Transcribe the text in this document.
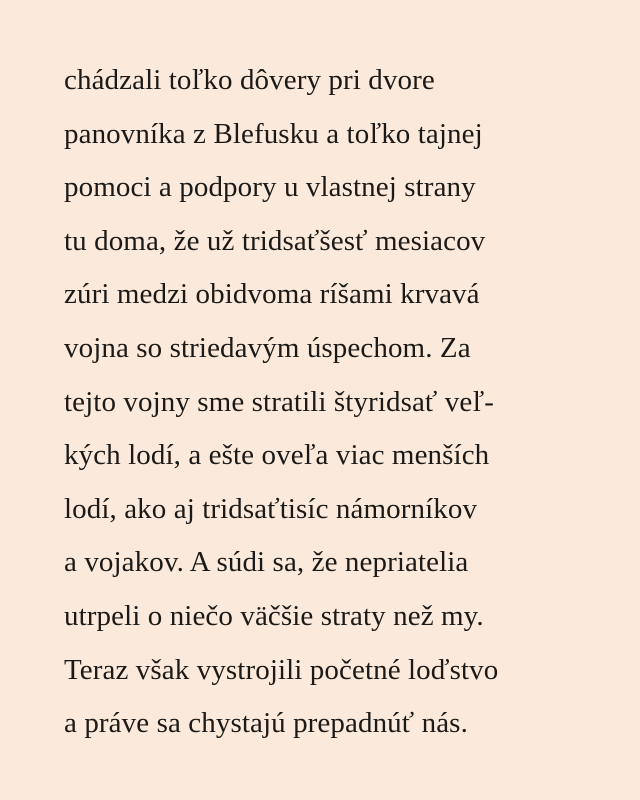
chádzali toľko dôvery pri dvore
panovníka z Blefusku a toľko tajnej
pomoci a podpory u vlastnej strany
tu doma, že už tridsaťšesť mesiacov
zúri medzi obidvoma ríšami krvavá
vojna so striedavým úspechom. Za
tejto vojny sme stratili štyridsať veľ-
kých lodí, a ešte oveľa viac menších
lodí, ako aj tridsaťtisíc námorníkov
a vojakov. A súdi sa, že nepriatelia
utrpeli o niečo väčšie straty než my.
Teraz však vystrojili početné loďstvo
a práve sa chystajú prepadnúť nás.
